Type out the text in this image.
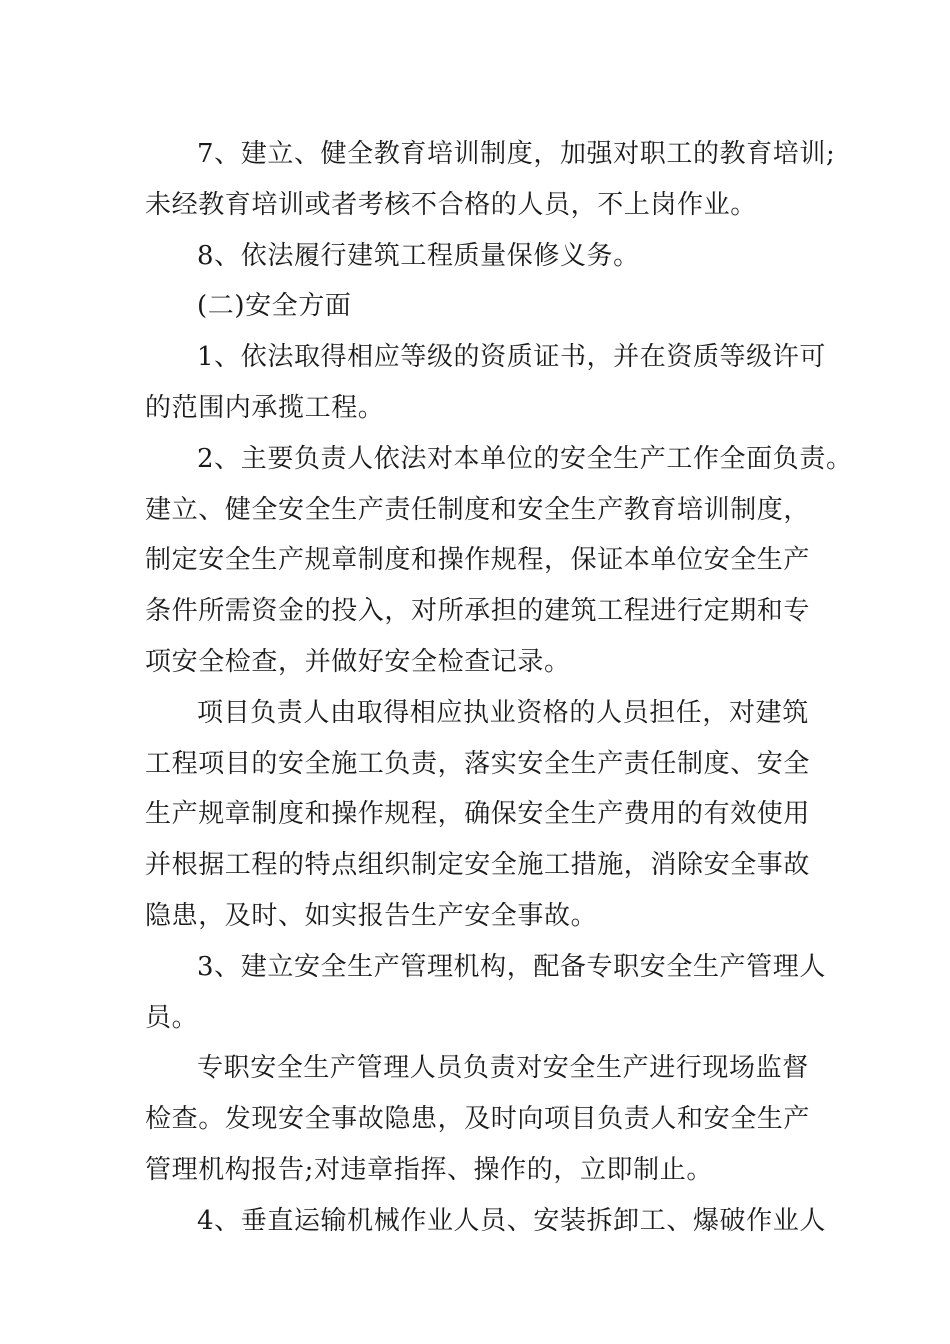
7、建立、健全教育培训制度，加强对职工的教育培训;
未经教育培训或者考核不合格的人员，不上岗作业。

8、依法履行建筑工程质量保修义务。

(二)安全方面

1、依法取得相应等级的资质证书，并在资质等级许可
的范围内承揽工程。

2、主要负责人依法对本单位的安全生产工作全面负责。
建立、健全安全生产责任制度和安全生产教育培训制度，
制定安全生产规章制度和操作规程，保证本单位安全生产
条件所需资金的投入，对所承担的建筑工程进行定期和专
项安全检查，并做好安全检查记录。

项目负责人由取得相应执业资格的人员担任，对建筑
工程项目的安全施工负责，落实安全生产责任制度、安全
生产规章制度和操作规程，确保安全生产费用的有效使用
并根据工程的特点组织制定安全施工措施，消除安全事故
隐患，及时、如实报告生产安全事故。

3、建立安全生产管理机构，配备专职安全生产管理人
员。

专职安全生产管理人员负责对安全生产进行现场监督
检查。发现安全事故隐患，及时向项目负责人和安全生产
管理机构报告;对违章指挥、操作的，立即制止。

4、垂直运输机械作业人员、安装拆卸工、爆破作业人
